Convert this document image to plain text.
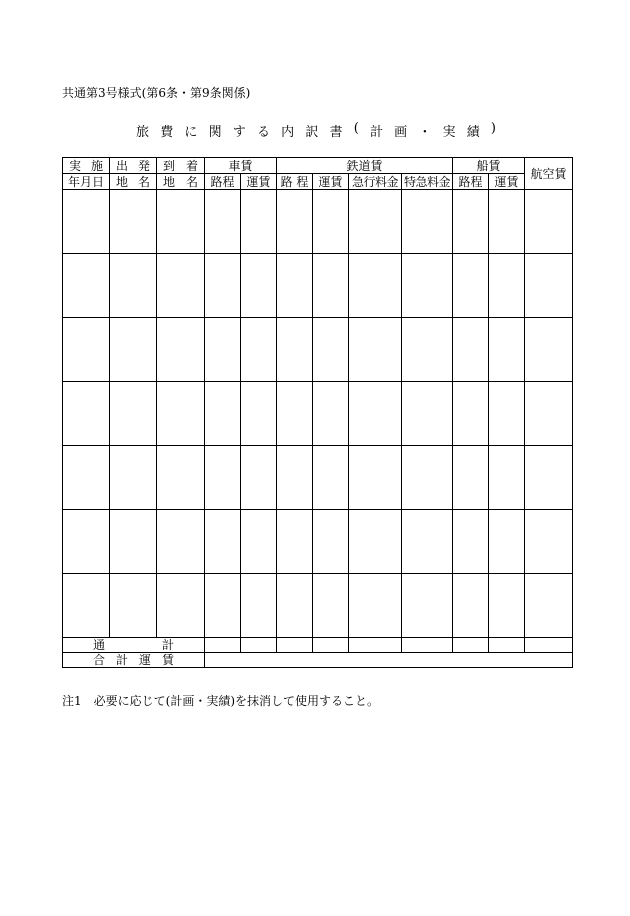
共通第3号様式(第6条・第9条関係)
旅 費 に 関 す る 内 訳 書 ( 計 画 ・ 実 績 )
実 施	出 発	到 着	車賃		鉄道賃				船賃		航空賃
年月日	地 名	地 名	路程	運賃	路 程	運賃	急行料金	特急料金	路程	運賃	

通 計											

合 計 運 賃											

注1　必要に応じて(計画・実績)を抹消して使用すること。
